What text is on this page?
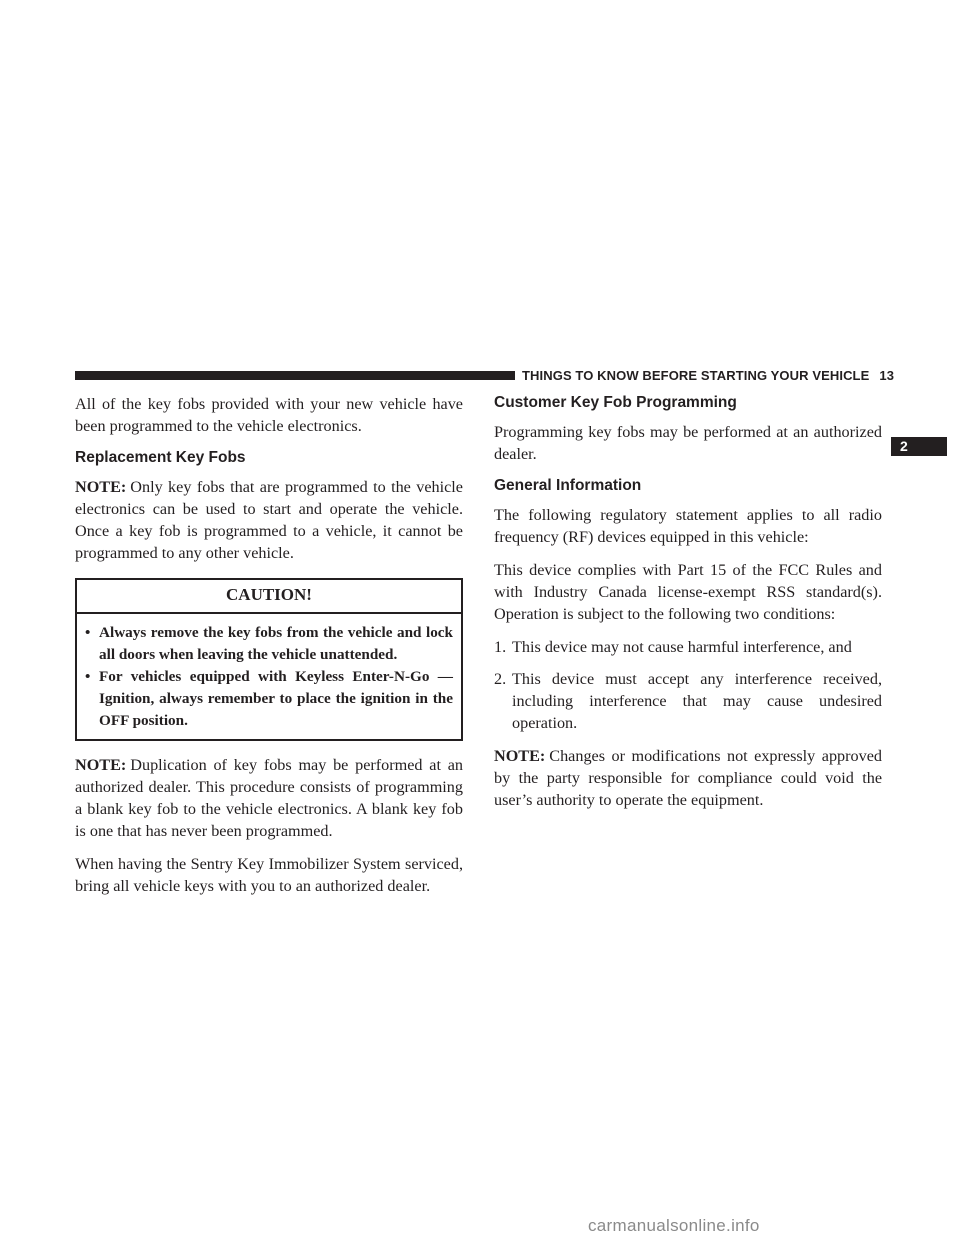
THINGS TO KNOW BEFORE STARTING YOUR VEHICLE 13
2

All of the key fobs provided with your new vehicle have been programmed to the vehicle electronics.

Replacement Key Fobs

NOTE: Only key fobs that are programmed to the vehicle electronics can be used to start and operate the vehicle. Once a key fob is programmed to a vehicle, it cannot be programmed to any other vehicle.

CAUTION!
• Always remove the key fobs from the vehicle and lock all doors when leaving the vehicle unattended.
• For vehicles equipped with Keyless Enter-N-Go — Ignition, always remember to place the ignition in the OFF position.

NOTE: Duplication of key fobs may be performed at an authorized dealer. This procedure consists of programming a blank key fob to the vehicle electronics. A blank key fob is one that has never been programmed.

When having the Sentry Key Immobilizer System serviced, bring all vehicle keys with you to an authorized dealer.

Customer Key Fob Programming

Programming key fobs may be performed at an authorized dealer.

General Information

The following regulatory statement applies to all radio frequency (RF) devices equipped in this vehicle:

This device complies with Part 15 of the FCC Rules and with Industry Canada license-exempt RSS standard(s). Operation is subject to the following two conditions:

1. This device may not cause harmful interference, and
2. This device must accept any interference received, including interference that may cause undesired operation.

NOTE: Changes or modifications not expressly approved by the party responsible for compliance could void the user’s authority to operate the equipment.

carmanualsonline.info
